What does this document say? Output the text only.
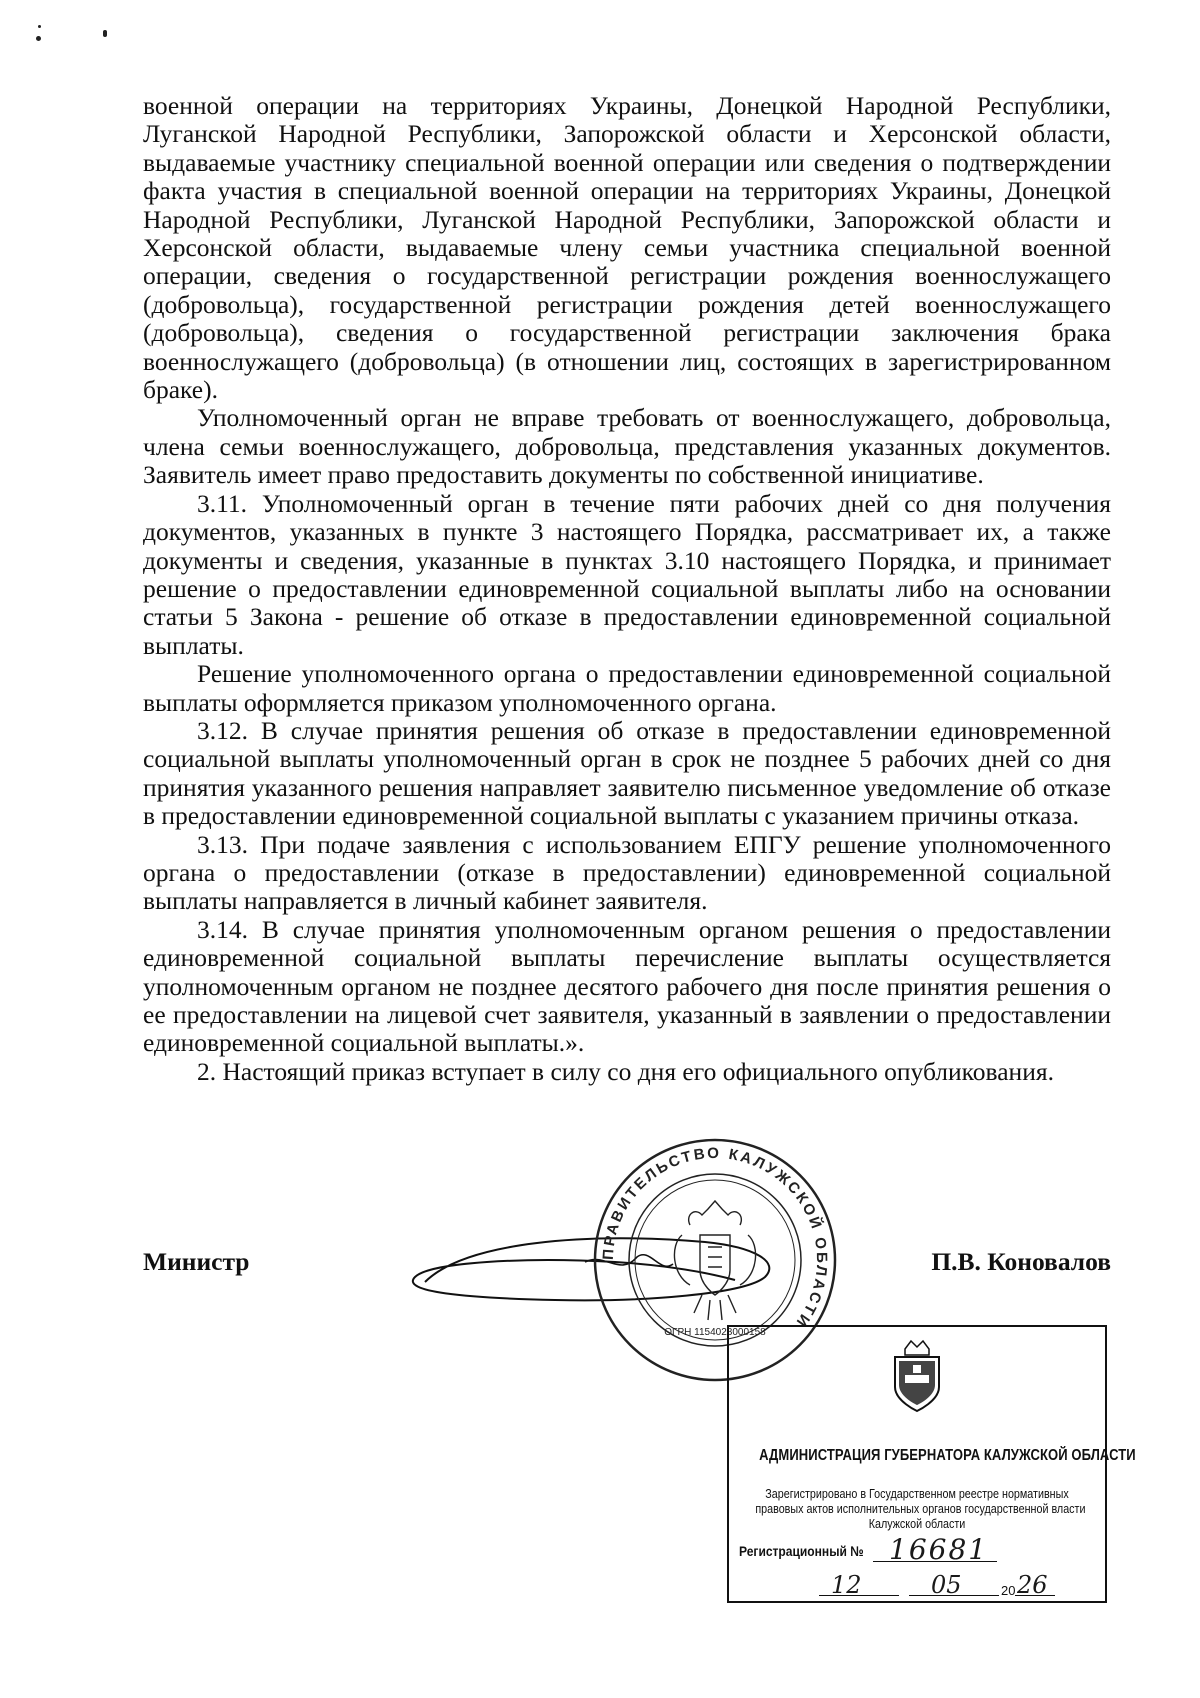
военной операции на территориях Украины, Донецкой Народной Республики, Луганской Народной Республики, Запорожской области и Херсонской области, выдаваемые участнику специальной военной операции или сведения о подтверждении факта участия в специальной военной операции на территориях Украины, Донецкой Народной Республики, Луганской Народной Республики, Запорожской области и Херсонской области, выдаваемые члену семьи участника специальной военной операции, сведения о государственной регистрации рождения военнослужащего (добровольца), государственной регистрации рождения детей военнослужащего (добровольца), сведения о государственной регистрации заключения брака военнослужащего (добровольца) (в отношении лиц, состоящих в зарегистрированном браке).

Уполномоченный орган не вправе требовать от военнослужащего, добровольца, члена семьи военнослужащего, добровольца, представления указанных документов. Заявитель имеет право предоставить документы по собственной инициативе.

3.11. Уполномоченный орган в течение пяти рабочих дней со дня получения документов, указанных в пункте 3 настоящего Порядка, рассматривает их, а также документы и сведения, указанные в пунктах 3.10 настоящего Порядка, и принимает решение о предоставлении единовременной социальной выплаты либо на основании статьи 5 Закона - решение об отказе в предоставлении единовременной социальной выплаты.

Решение уполномоченного органа о предоставлении единовременной социальной выплаты оформляется приказом уполномоченного органа.

3.12. В случае принятия решения об отказе в предоставлении единовременной социальной выплаты уполномоченный орган в срок не позднее 5 рабочих дней со дня принятия указанного решения направляет заявителю письменное уведомление об отказе в предоставлении единовременной социальной выплаты с указанием причины отказа.

3.13. При подаче заявления с использованием ЕПГУ решение уполномоченного органа о предоставлении (отказе в предоставлении) единовременной социальной выплаты направляется в личный кабинет заявителя.

3.14. В случае принятия уполномоченным органом решения о предоставлении единовременной социальной выплаты перечисление выплаты осуществляется уполномоченным органом не позднее десятого рабочего дня после принятия решения о ее предоставлении на лицевой счет заявителя, указанный в заявлении о предоставлении единовременной социальной выплаты.».

2. Настоящий приказ вступает в силу со дня его официального опубликования.

Министр	П.В. Коновалов
ПРАВИТЕЛЬСТВО КАЛУЖСКОЙ ОБЛАСТИ
ОГРН 1154028000158
АДМИНИСТРАЦИЯ ГУБЕРНАТОРА КАЛУЖСКОЙ ОБЛАСТИ
Зарегистрировано в Государственном реестре нормативных
правовых актов исполнительных органов государственной власти
Калужской области
Регистрационный № 16681
12	05	20 26
